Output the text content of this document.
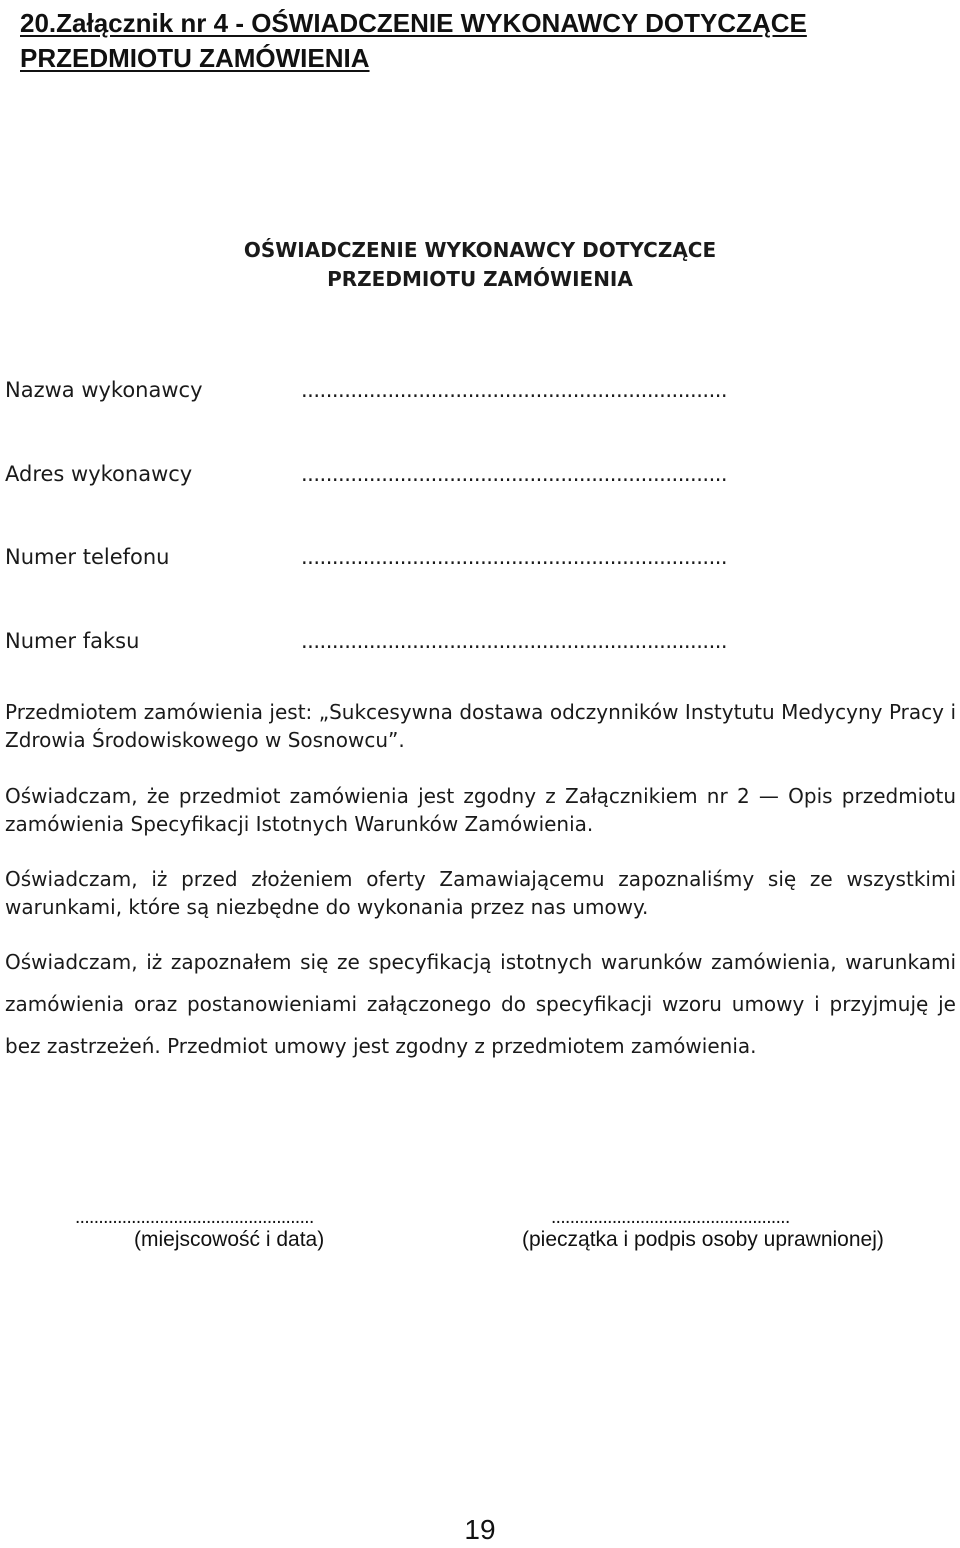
20.Załącznik nr 4 - OŚWIADCZENIE WYKONAWCY DOTYCZĄCE
PRZEDMIOTU ZAMÓWIENIA
OŚWIADCZENIE WYKONAWCY DOTYCZĄCE
PRZEDMIOTU ZAMÓWIENIA
Nazwa wykonawcy	.....................................................................
Adres wykonawcy	.....................................................................
Numer telefonu	.....................................................................
Numer faksu	.....................................................................

Przedmiotem zamówienia jest: „Sukcesywna dostawa odczynników Instytutu Medycyny Pracy i Zdrowia Środowiskowego w Sosnowcu”.

Oświadczam, że przedmiot zamówienia jest zgodny z Załącznikiem nr 2 — Opis przedmiotu zamówienia Specyfikacji Istotnych Warunków Zamówienia.

Oświadczam, iż przed złożeniem oferty Zamawiającemu zapoznaliśmy się ze wszystkimi warunkami, które są niezbędne do wykonania przez nas umowy.

Oświadczam, iż zapoznałem się ze specyfikacją istotnych warunków zamówienia, warunkami zamówienia oraz postanowieniami załączonego do specyfikacji wzoru umowy i przyjmuję je bez zastrzeżeń. Przedmiot umowy jest zgodny z przedmiotem zamówienia.

...................................................
(miejscowość i data)
...................................................
(pieczątka i podpis osoby uprawnionej)
19
